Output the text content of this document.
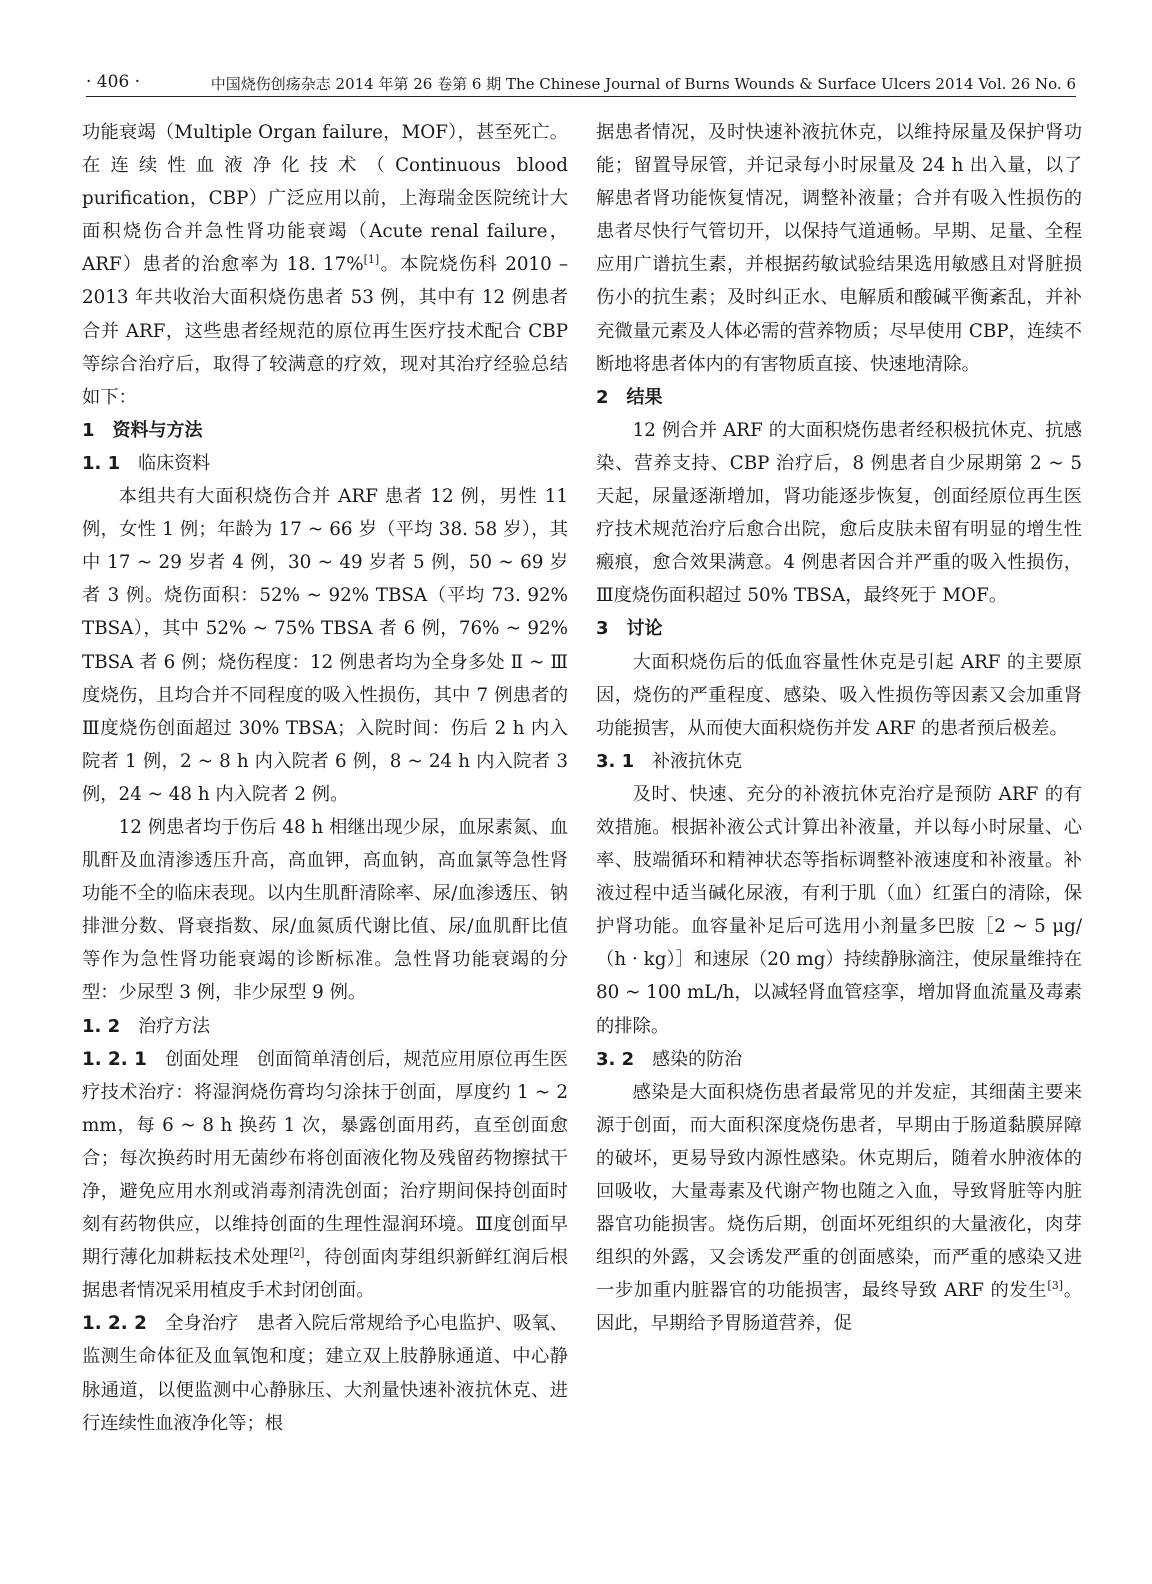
· 406 ·	中国烧伤创疡杂志 2014 年第 26 卷第 6 期 The Chinese Journal of Burns Wounds & Surface Ulcers 2014 Vol. 26 No. 6

功能衰竭（Multiple Organ failure，MOF），甚至死亡。在连续性血液净化技术（Continuous blood purification，CBP）广泛应用以前，上海瑞金医院统计大面积烧伤合并急性肾功能衰竭（Acute renal failure，ARF）患者的治愈率为 18. 17%[1]。本院烧伤科 2010 – 2013 年共收治大面积烧伤患者 53 例，其中有 12 例患者合并 ARF，这些患者经规范的原位再生医疗技术配合 CBP 等综合治疗后，取得了较满意的疗效，现对其治疗经验总结如下：

1　资料与方法

1. 1　 临床资料

本组共有大面积烧伤合并 ARF 患者 12 例，男性 11 例，女性 1 例；年龄为 17 ~ 66 岁（平均 38. 58 岁），其中 17 ~ 29 岁者 4 例，30 ~ 49 岁者 5 例，50 ~ 69 岁者 3 例。烧伤面积：52% ~ 92% TBSA（平均 73. 92% TBSA），其中 52% ~ 75% TBSA 者 6 例，76% ~ 92% TBSA 者 6 例；烧伤程度：12 例患者均为全身多处 Ⅱ ~ Ⅲ度烧伤，且均合并不同程度的吸入性损伤，其中 7 例患者的Ⅲ度烧伤创面超过 30% TBSA；入院时间：伤后 2 h 内入院者 1 例，2 ~ 8 h 内入院者 6 例，8 ~ 24 h 内入院者 3 例，24 ~ 48 h 内入院者 2 例。

12 例患者均于伤后 48 h 相继出现少尿，血尿素氮、血肌酐及血清渗透压升高，高血钾，高血钠，高血氯等急性肾功能不全的临床表现。以内生肌酐清除率、尿/血渗透压、钠排泄分数、肾衰指数、尿/血氮质代谢比值、尿/血肌酐比值等作为急性肾功能衰竭的诊断标准。急性肾功能衰竭的分型：少尿型 3 例，非少尿型 9 例。

1. 2　 治疗方法

1. 2. 1　 创面处理　 创面简单清创后，规范应用原位再生医疗技术治疗：将湿润烧伤膏均匀涂抹于创面，厚度约 1 ~ 2 mm，每 6 ~ 8 h 换药 1 次，暴露创面用药，直至创面愈合；每次换药时用无菌纱布将创面液化物及残留药物擦拭干净，避免应用水剂或消毒剂清洗创面；治疗期间保持创面时刻有药物供应，以维持创面的生理性湿润环境。Ⅲ度创面早期行薄化加耕耘技术处理[2]，待创面肉芽组织新鲜红润后根据患者情况采用植皮手术封闭创面。

1. 2. 2　 全身治疗　 患者入院后常规给予心电监护、吸氧、监测生命体征及血氧饱和度；建立双上肢静脉通道、中心静脉通道，以便监测中心静脉压、大剂量快速补液抗休克、进行连续性血液净化等；根

据患者情况，及时快速补液抗休克，以维持尿量及保护肾功能；留置导尿管，并记录每小时尿量及 24 h 出入量，以了解患者肾功能恢复情况，调整补液量；合并有吸入性损伤的患者尽快行气管切开，以保持气道通畅。早期、足量、全程应用广谱抗生素，并根据药敏试验结果选用敏感且对肾脏损伤小的抗生素；及时纠正水、电解质和酸碱平衡紊乱，并补充微量元素及人体必需的营养物质；尽早使用 CBP，连续不断地将患者体内的有害物质直接、快速地清除。

2　结果

12 例合并 ARF 的大面积烧伤患者经积极抗休克、抗感染、营养支持、CBP 治疗后，8 例患者自少尿期第 2 ~ 5 天起，尿量逐渐增加，肾功能逐步恢复，创面经原位再生医疗技术规范治疗后愈合出院，愈后皮肤未留有明显的增生性瘢痕，愈合效果满意。4 例患者因合并严重的吸入性损伤，Ⅲ度烧伤面积超过 50% TBSA，最终死于 MOF。

3　讨论

大面积烧伤后的低血容量性休克是引起 ARF 的主要原因，烧伤的严重程度、感染、吸入性损伤等因素又会加重肾功能损害，从而使大面积烧伤并发 ARF 的患者预后极差。

3. 1　 补液抗休克

及时、快速、充分的补液抗休克治疗是预防 ARF 的有效措施。根据补液公式计算出补液量，并以每小时尿量、心率、肢端循环和精神状态等指标调整补液速度和补液量。补液过程中适当碱化尿液，有利于肌（血）红蛋白的清除，保护肾功能。血容量补足后可选用小剂量多巴胺［2 ~ 5 μg/（h · kg）］和速尿（20 mg）持续静脉滴注，使尿量维持在 80 ~ 100 mL/h，以减轻肾血管痉挛，增加肾血流量及毒素的排除。

3. 2　 感染的防治

感染是大面积烧伤患者最常见的并发症，其细菌主要来源于创面，而大面积深度烧伤患者，早期由于肠道黏膜屏障的破坏，更易导致内源性感染。休克期后，随着水肿液体的回吸收，大量毒素及代谢产物也随之入血，导致肾脏等内脏器官功能损害。烧伤后期，创面坏死组织的大量液化，肉芽组织的外露，又会诱发严重的创面感染，而严重的感染又进一步加重内脏器官的功能损害，最终导致 ARF 的发生[3]。因此，早期给予胃肠道营养，促
